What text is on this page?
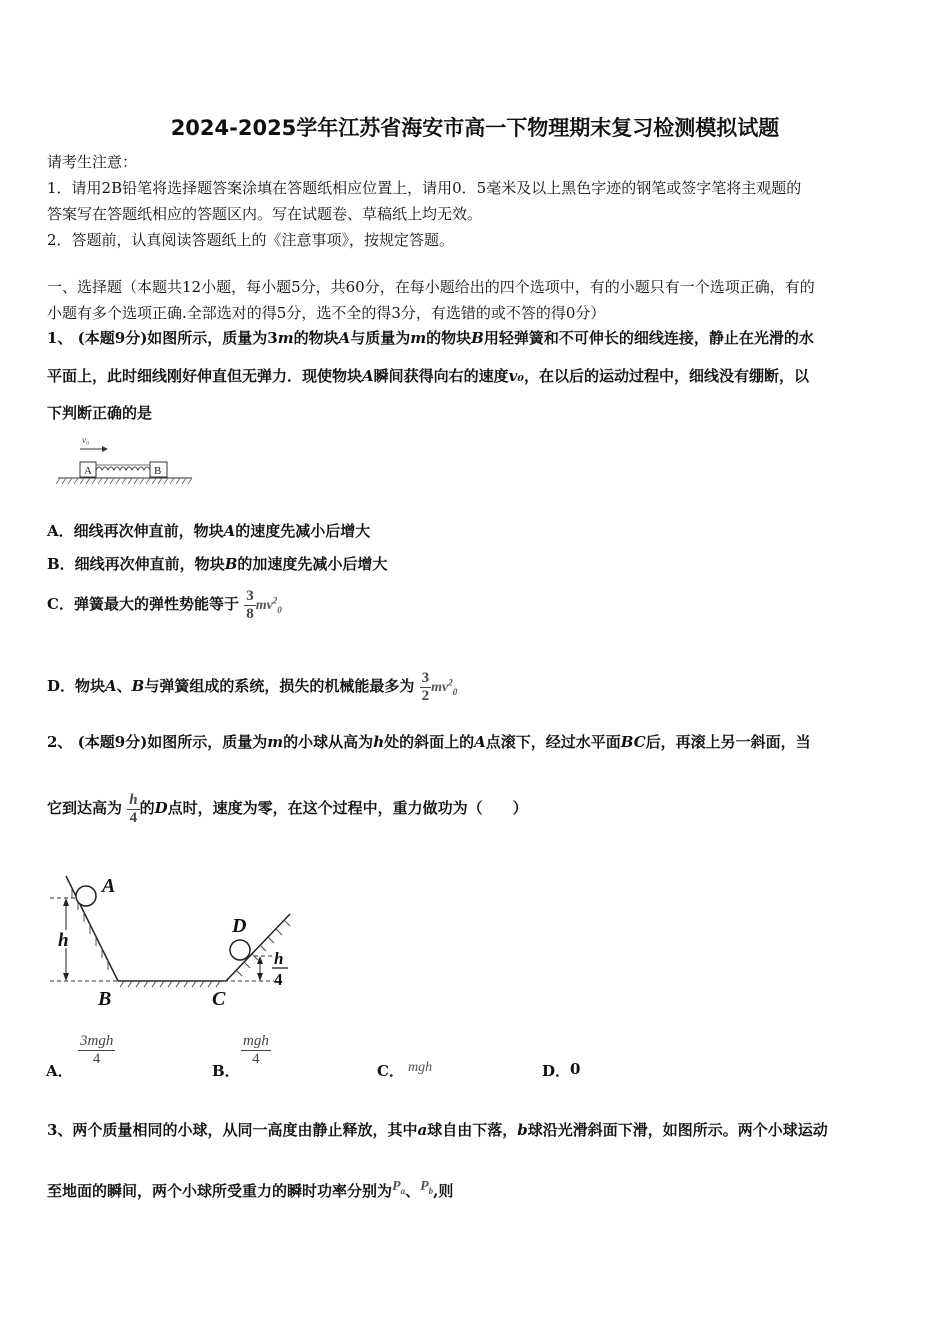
2024-2025学年江苏省海安市高一下物理期末复习检测模拟试题
请考生注意：
1．请用2B铅笔将选择题答案涂填在答题纸相应位置上，请用0．5毫米及以上黑色字迹的钢笔或签字笔将主观题的
答案写在答题纸相应的答题区内。写在试题卷、草稿纸上均无效。
2．答题前，认真阅读答题纸上的《注意事项》，按规定答题。
一、选择题（本题共12小题，每小题5分，共60分，在每小题给出的四个选项中，有的小题只有一个选项正确，有的
小题有多个选项正确.全部选对的得5分，选不全的得3分，有选错的或不答的得0分）
1、 (本题9分)如图所示，质量为3m的物块A与质量为m的物块B用轻弹簧和不可伸长的细线连接，静止在光滑的水
平面上，此时细线刚好伸直但无弹力．现使物块A瞬间获得向右的速度v₀，在以后的运动过程中，细线没有绷断，以
下判断正确的是
v₀
A	B
A．细线再次伸直前，物块A的速度先减小后增大
B．细线再次伸直前，物块B的加速度先减小后增大
C．弹簧最大的弹性势能等于 $\frac{3}{8} mv^2_0$
D．物块A、B与弹簧组成的系统，损失的机械能最多为 $\frac{3}{2} mv^2_0$
2、 (本题9分)如图所示，质量为m的小球从高为h处的斜面上的A点滚下，经过水平面BC后，再滚上另一斜面，当
它到达高为 $\frac{h}{4}$ 的D点时，速度为零，在这个过程中，重力做功为（　　）
h
h
4
A
B	C
D
A．
$\frac{\text{3mgh}}{4}$
B．
$\frac{\text{mgh}}{4}$
C． mgh	D． 0
3、两个质量相同的小球，从同一高度由静止释放，其中a球自由下落，b球沿光滑斜面下滑，如图所示。两个小球运动
至地面的瞬间，两个小球所受重力的瞬时功率分别为$P_a$、$P_b$,则
